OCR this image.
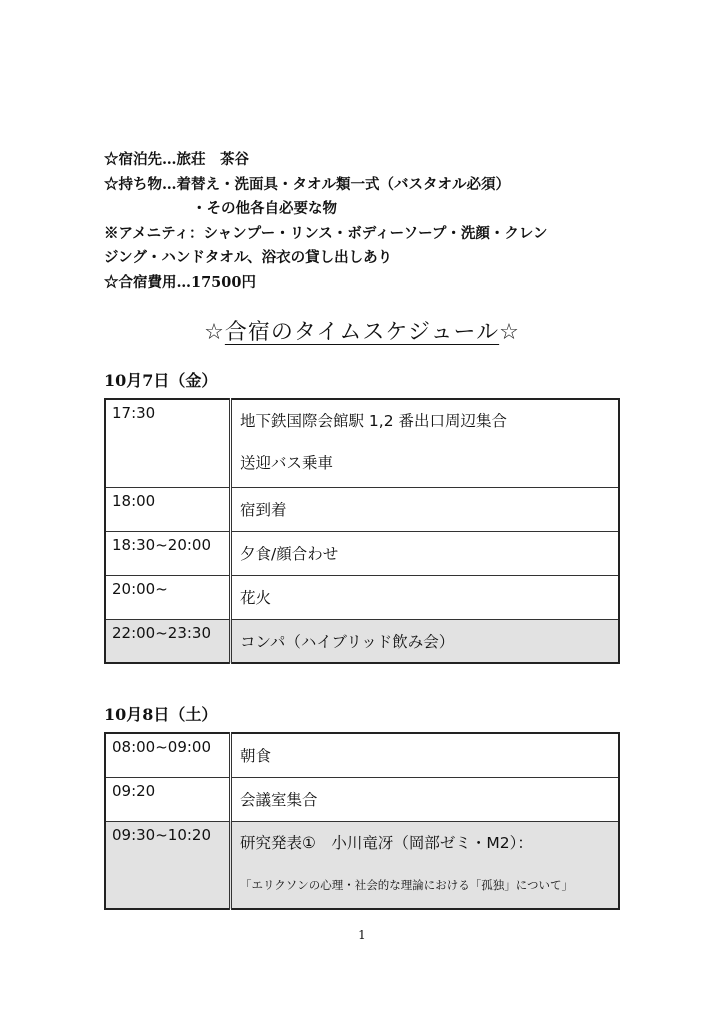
☆宿泊先…旅荘　茶谷
☆持ち物…着替え・洗面具・タオル類一式（バスタオル必須）
・その他各自必要な物
※アメニティ：シャンプー・リンス・ボディーソープ・洗顔・クレン
ジング・ハンドタオル、浴衣の貸し出しあり
☆合宿費用…17500円
☆合宿のタイムスケジュール☆
10月7日（金）
17:30	地下鉄国際会館駅 1,2 番出口周辺集合
送迎バス乗車

18:00	宿到着
18:30~20:00	夕食/顔合わせ
20:00~	花火
22:00~23:30	コンパ（ハイブリッド飲み会）
10月8日（土）
08:00~09:00	朝食
09:20	会議室集合
09:30~10:20	研究発表①　小川竜冴（岡部ゼミ・M2）：
「エリクソンの心理・社会的な理論における「孤独」について」
1
